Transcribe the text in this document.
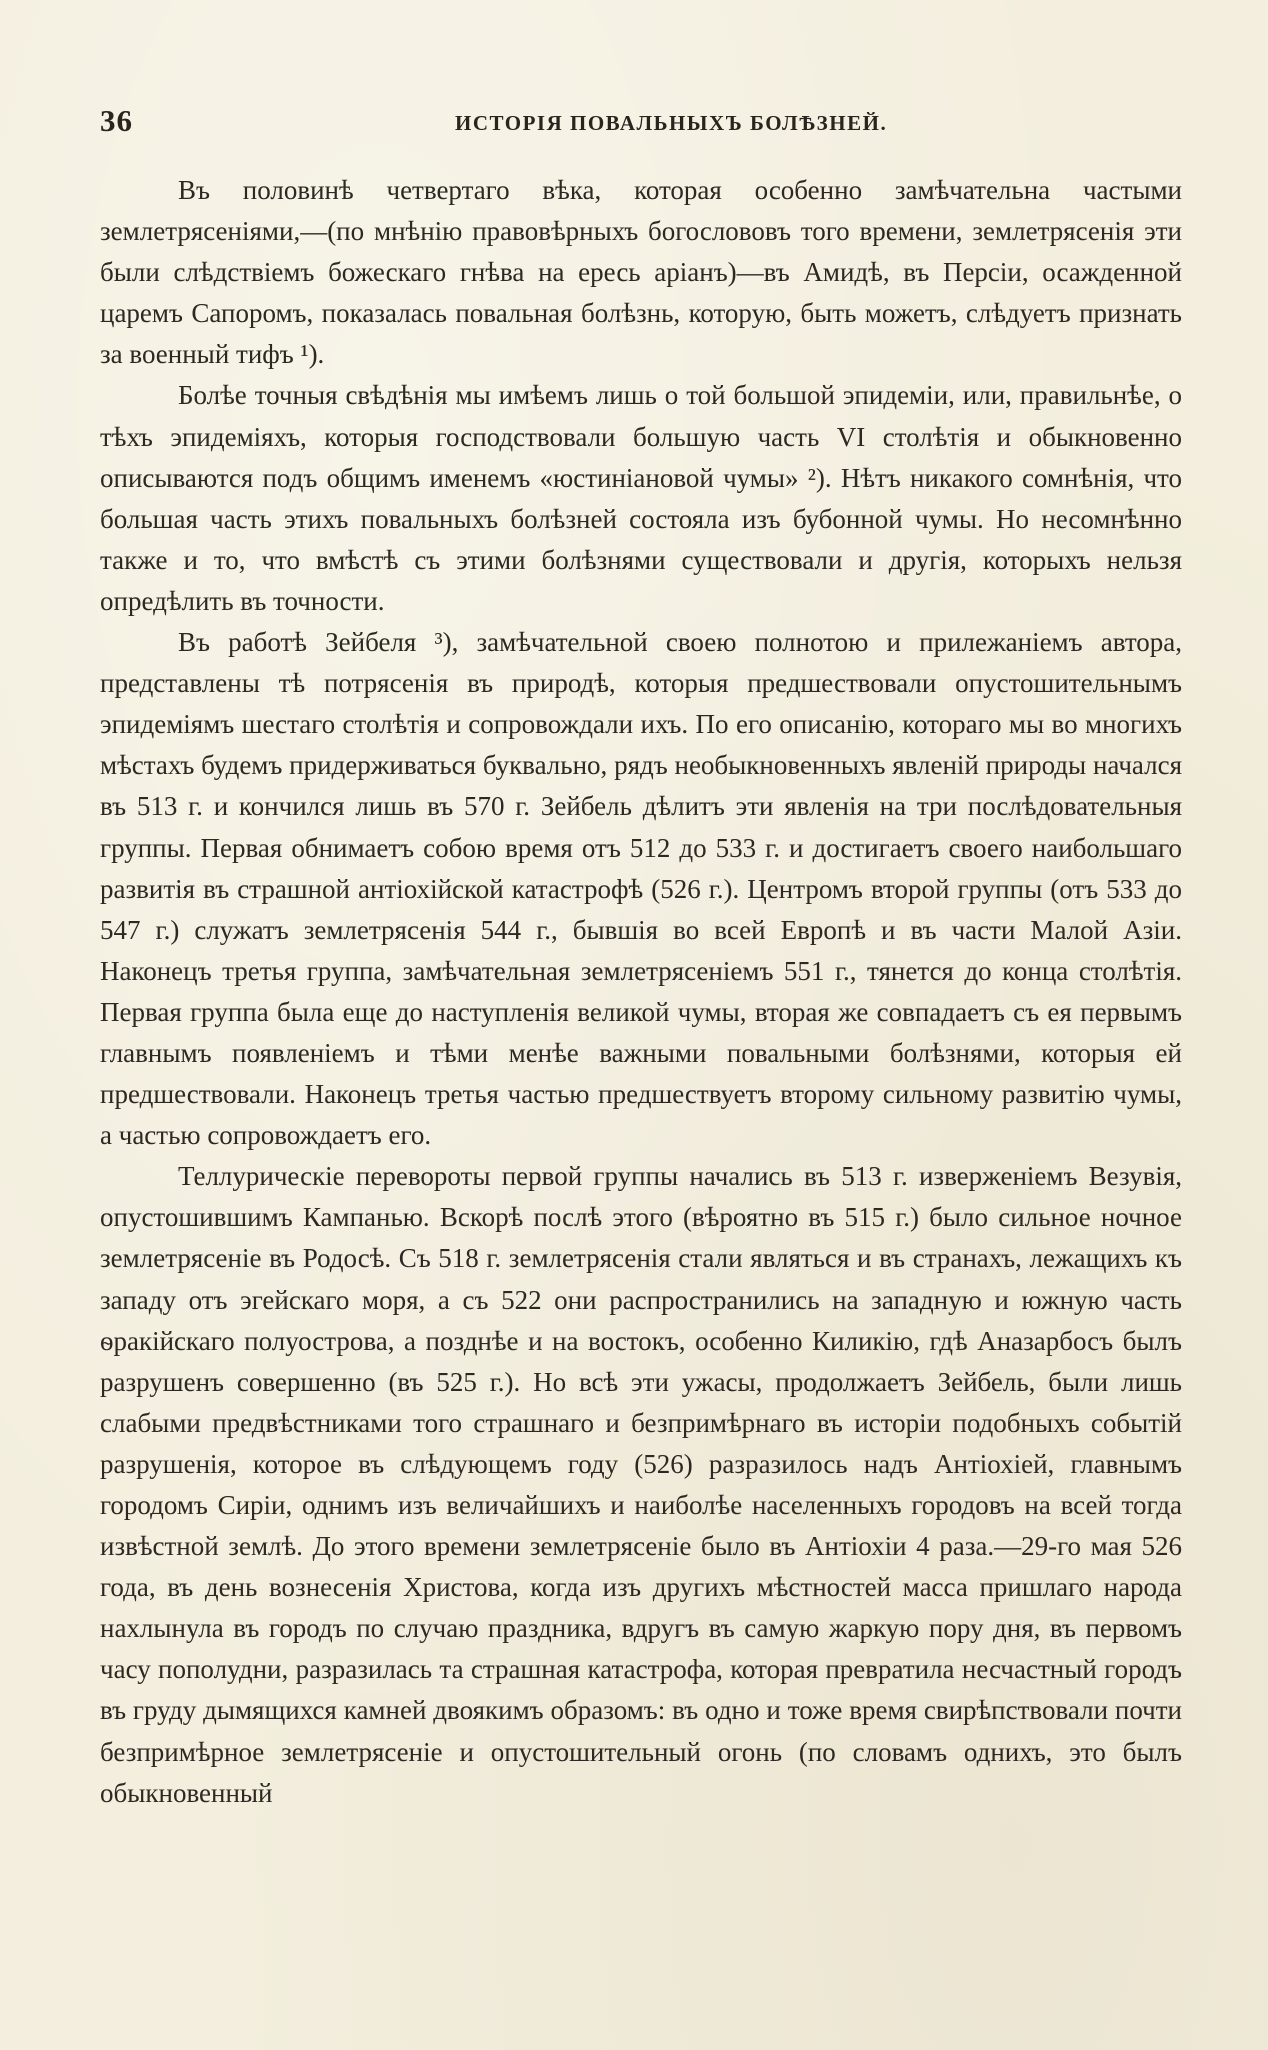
36	ИСТОРІЯ ПОВАЛЬНЫХЪ БОЛѢЗНЕЙ.

Въ половинѣ четвертаго вѣка, которая особенно замѣчательна частыми землетрясеніями,—(по мнѣнію правовѣрныхъ богослововъ того времени, землетрясенія эти были слѣдствіемъ божескаго гнѣва на ересь аріанъ)—въ Амидѣ, въ Персіи, осажденной царемъ Сапоромъ, показалась повальная болѣзнь, которую, быть можетъ, слѣдуетъ признать за военный тифъ ¹).

Болѣе точныя свѣдѣнія мы имѣемъ лишь о той большой эпидеміи, или, правильнѣе, о тѣхъ эпидеміяхъ, которыя господствовали большую часть VI столѣтія и обыкновенно описываются подъ общимъ именемъ «юстиніановой чумы» ²). Нѣтъ никакого сомнѣнія, что большая часть этихъ повальныхъ болѣзней состояла изъ бубонной чумы. Но несомнѣнно также и то, что вмѣстѣ съ этими болѣзнями существовали и другія, которыхъ нельзя опредѣлить въ точности.

Въ работѣ Зейбеля ³), замѣчательной своею полнотою и прилежаніемъ автора, представлены тѣ потрясенія въ природѣ, которыя предшествовали опустошительнымъ эпидеміямъ шестаго столѣтія и сопровождали ихъ. По его описанію, котораго мы во многихъ мѣстахъ будемъ придерживаться буквально, рядъ необыкновенныхъ явленій природы начался въ 513 г. и кончился лишь въ 570 г. Зейбель дѣлитъ эти явленія на три послѣдовательныя группы. Первая обнимаетъ собою время отъ 512 до 533 г. и достигаетъ своего наибольшаго развитія въ страшной антіохійской катастрофѣ (526 г.). Центромъ второй группы (отъ 533 до 547 г.) служатъ землетрясенія 544 г., бывшія во всей Европѣ и въ части Малой Азіи. Наконецъ третья группа, замѣчательная землетрясеніемъ 551 г., тянется до конца столѣтія. Первая группа была еще до наступленія великой чумы, вторая же совпадаетъ съ ея первымъ главнымъ появленіемъ и тѣми менѣе важными повальными болѣзнями, которыя ей предшествовали. Наконецъ третья частью предшествуетъ второму сильному развитію чумы, а частью сопровождаетъ его.

Теллурическіе перевороты первой группы начались въ 513 г. изверженіемъ Везувія, опустошившимъ Кампанью. Вскорѣ послѣ этого (вѣроятно въ 515 г.) было сильное ночное землетрясеніе въ Родосѣ. Съ 518 г. землетрясенія стали являться и въ странахъ, лежащихъ къ западу отъ эгейскаго моря, а съ 522 они распространились на западную и южную часть ѳракійскаго полуострова, а позднѣе и на востокъ, особенно Киликію, гдѣ Аназарбосъ былъ разрушенъ совершенно (въ 525 г.). Но всѣ эти ужасы, продолжаетъ Зейбель, были лишь слабыми предвѣстниками того страшнаго и безпримѣрнаго въ исторіи подобныхъ событій разрушенія, которое въ слѣдующемъ году (526) разразилось надъ Антіохіей, главнымъ городомъ Сиріи, однимъ изъ величайшихъ и наиболѣе населенныхъ городовъ на всей тогда извѣстной землѣ. До этого времени землетрясеніе было въ Антіохіи 4 раза.—29-го мая 526 года, въ день вознесенія Христова, когда изъ другихъ мѣстностей масса пришлаго народа нахлынула въ городъ по случаю праздника, вдругъ въ самую жаркую пору дня, въ первомъ часу пополудни, разразилась та страшная катастрофа, которая превратила несчастный городъ въ груду дымящихся камней двоякимъ образомъ: въ одно и тоже время свирѣпствовали почти безпримѣрное землетрясеніе и опустошительный огонь (по словамъ однихъ, это былъ обыкновенный
